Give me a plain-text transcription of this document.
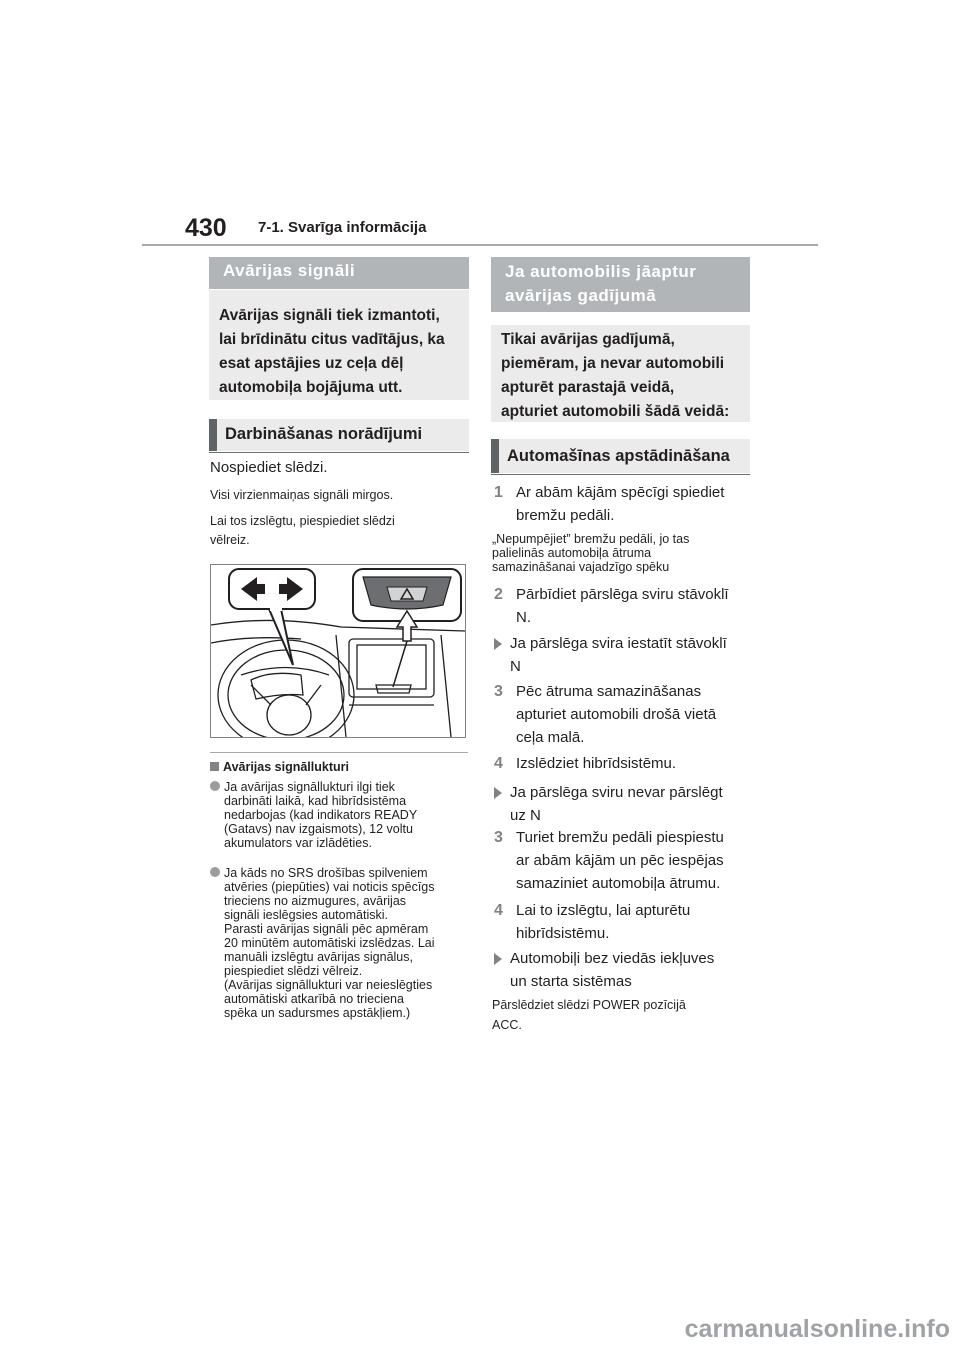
430 7-1. Svarīga informācija
Avārijas signāli
Avārijas signāli tiek izmantoti,
lai brīdinātu citus vadītājus, ka
esat apstājies uz ceļa dēļ
automobiļa bojājuma utt.
Darbināšanas norādījumi
Nospiediet slēdzi.
Visi virzienmaiņas signāli mirgos.
Lai tos izslēgtu, piespiediet slēdzi
vēlreiz.
Avārijas signāllukturi
Ja avārijas signāllukturi ilgi tiek
darbināti laikā, kad hibrīdsistēma
nedarbojas (kad indikators READY
(Gatavs) nav izgaismots), 12 voltu
akumulators var izlādēties.
Ja kāds no SRS drošības spilveniem
atvēries (piepūties) vai noticis spēcīgs
trieciens no aizmugures, avārijas
signāli ieslēgsies automātiski.
Parasti avārijas signāli pēc apmēram
20 minūtēm automātiski izslēdzas. Lai
manuāli izslēgtu avārijas signālus,
piespiediet slēdzi vēlreiz.
(Avārijas signāllukturi var neieslēgties
automātiski atkarībā no trieciena
spēka un sadursmes apstākļiem.)
Ja automobilis jāaptur
avārijas gadījumā
Tikai avārijas gadījumā,
piemēram, ja nevar automobili
apturēt parastajā veidā,
apturiet automobili šādā veidā:
Automašīnas apstādināšana
1 Ar abām kājām spēcīgi spiediet
bremžu pedāli.
„Nepumpējiet” bremžu pedāli, jo tas
palielinās automobiļa ātruma
samazināšanai vajadzīgo spēku
2 Pārbīdiet pārslēga sviru stāvoklī
N.
Ja pārslēga svira iestatīt stāvoklī
N
3 Pēc ātruma samazināšanas
apturiet automobili drošā vietā
ceļa malā.
4 Izslēdziet hibrīdsistēmu.
Ja pārslēga sviru nevar pārslēgt
uz N
3 Turiet bremžu pedāli piespiestu
ar abām kājām un pēc iespējas
samaziniet automobiļa ātrumu.
4 Lai to izslēgtu, lai apturētu
hibrīdsistēmu.
Automobiļi bez viedās iekļuves
un starta sistēmas
Pārslēdziet slēdzi POWER pozīcijā
ACC.
carmanualsonline.info
